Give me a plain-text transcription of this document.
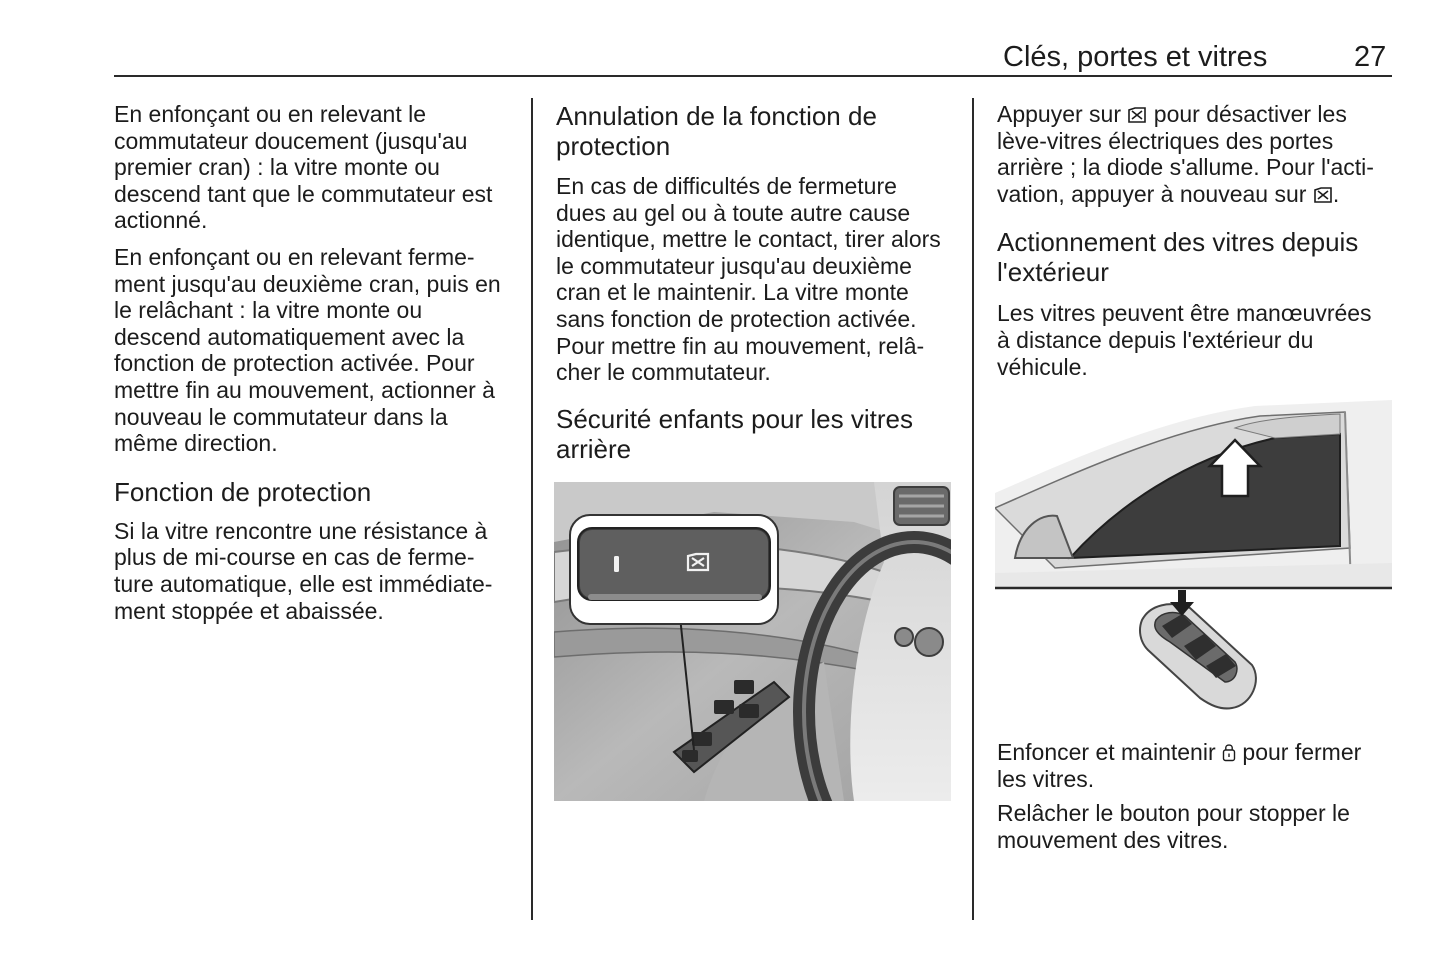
Clés, portes et vitres	27

En enfonçant ou en relevant le
commutateur doucement (jusqu'au
premier cran) : la vitre monte ou
descend tant que le commutateur est
actionné.

En enfonçant ou en relevant ferme-
ment jusqu'au deuxième cran, puis en
le relâchant : la vitre monte ou
descend automatiquement avec la
fonction de protection activée. Pour
mettre fin au mouvement, actionner à
nouveau le commutateur dans la
même direction.

Fonction de protection

Si la vitre rencontre une résistance à
plus de mi-course en cas de ferme-
ture automatique, elle est immédiate-
ment stoppée et abaissée.

Annulation de la fonction de
protection

En cas de difficultés de fermeture
dues au gel ou à toute autre cause
identique, mettre le contact, tirer alors
le commutateur jusqu'au deuxième
cran et le maintenir. La vitre monte
sans fonction de protection activée.
Pour mettre fin au mouvement, relâ-
cher le commutateur.

Sécurité enfants pour les vitres
arrière

Appuyer sur  pour désactiver les
lève-vitres électriques des portes
arrière ; la diode s'allume. Pour l'acti-
vation, appuyer à nouveau sur .

Actionnement des vitres depuis
l'extérieur

Les vitres peuvent être manœuvrées
à distance depuis l'extérieur du
véhicule.

Enfoncer et maintenir  pour fermer
les vitres.

Relâcher le bouton pour stopper le
mouvement des vitres.
